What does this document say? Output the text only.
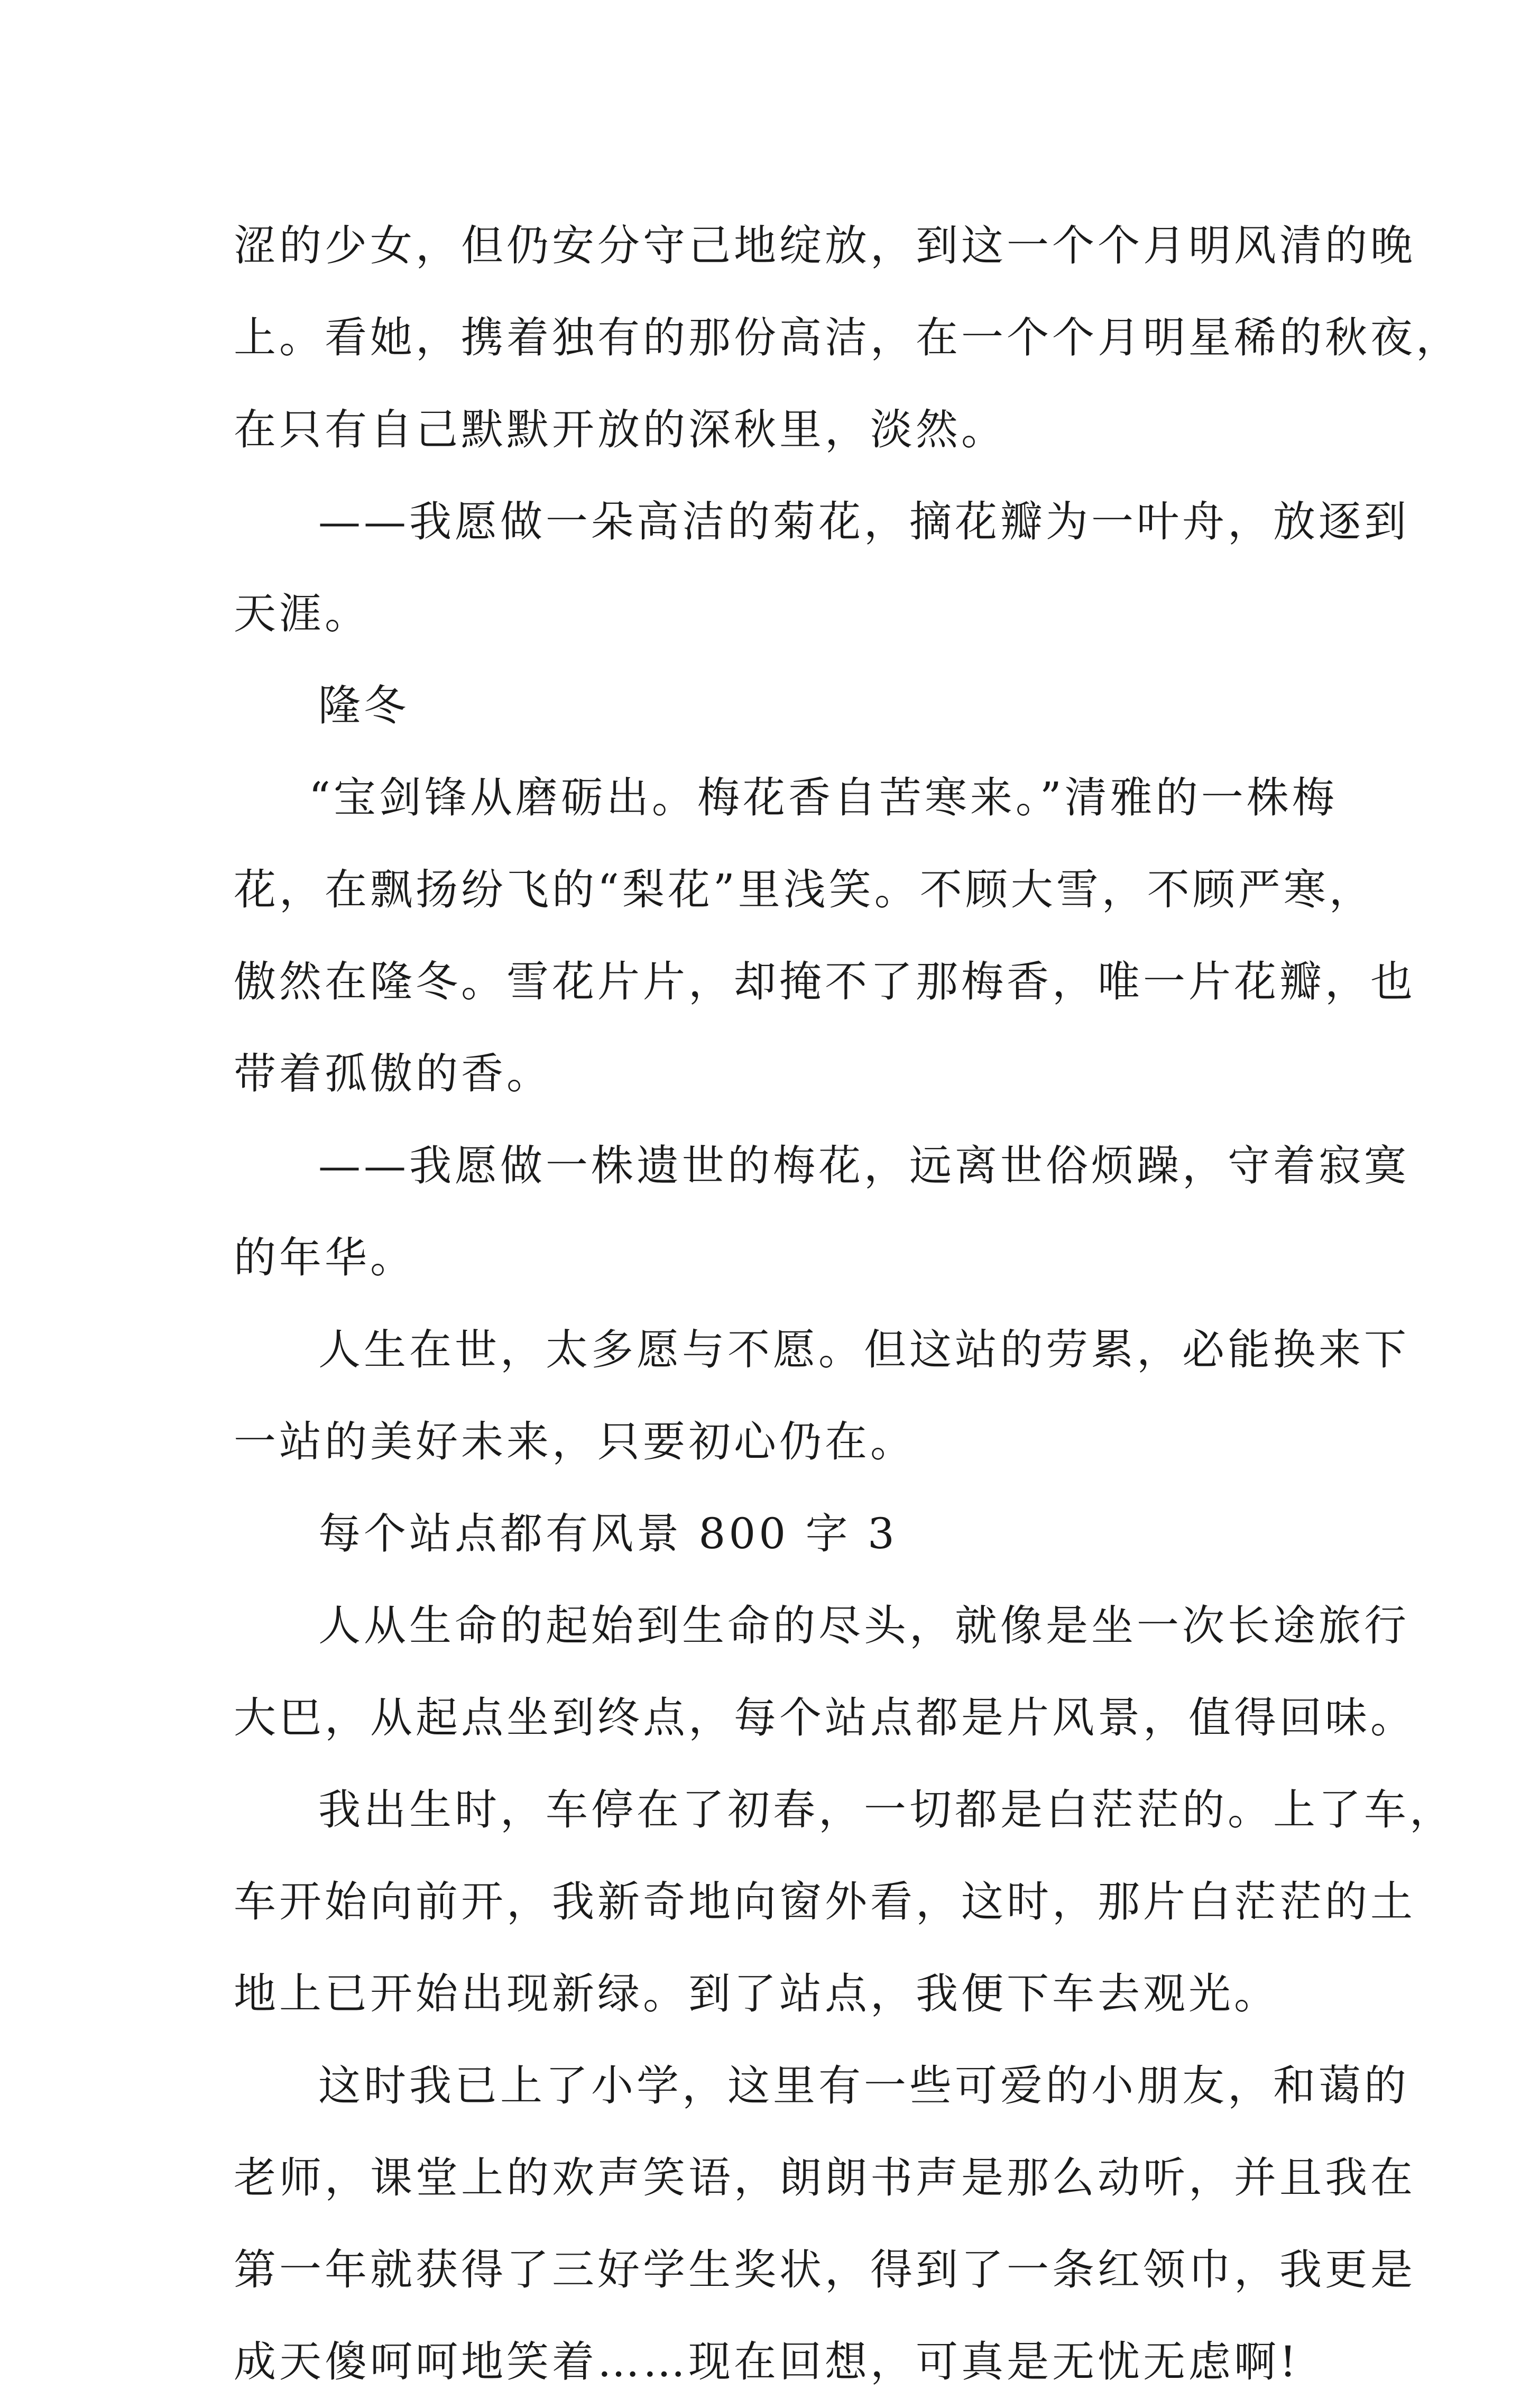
涩的少女，但仍安分守己地绽放，到这一个个月明风清的晚
上。看她，携着独有的那份高洁，在一个个月明星稀的秋夜，
在只有自己默默开放的深秋里，淡然。
——我愿做一朵高洁的菊花，摘花瓣为一叶舟，放逐到
天涯。
隆冬
“宝剑锋从磨砺出。梅花香自苦寒来。”清雅的一株梅
花，在飘扬纷飞的“梨花”里浅笑。不顾大雪，不顾严寒，
傲然在隆冬。雪花片片，却掩不了那梅香，唯一片花瓣，也
带着孤傲的香。
——我愿做一株遗世的梅花，远离世俗烦躁，守着寂寞
的年华。
人生在世，太多愿与不愿。但这站的劳累，必能换来下
一站的美好未来，只要初心仍在。
每个站点都有风景 800 字 3
人从生命的起始到生命的尽头，就像是坐一次长途旅行
大巴，从起点坐到终点，每个站点都是片风景，值得回味。
我出生时，车停在了初春，一切都是白茫茫的。上了车，
车开始向前开，我新奇地向窗外看，这时，那片白茫茫的土
地上已开始出现新绿。到了站点，我便下车去观光。
这时我已上了小学，这里有一些可爱的小朋友，和蔼的
老师，课堂上的欢声笑语，朗朗书声是那么动听，并且我在
第一年就获得了三好学生奖状，得到了一条红领巾，我更是
成天傻呵呵地笑着……现在回想，可真是无忧无虑啊!
